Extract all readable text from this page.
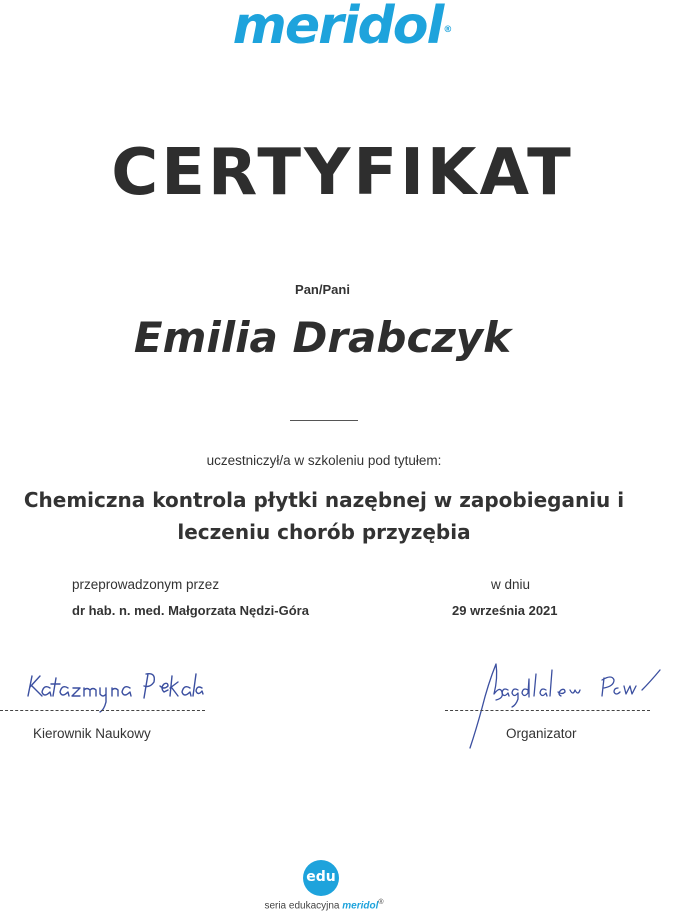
meridol ®
CERTYFIKAT
Pan/Pani
Emilia Drabczyk
uczestniczył/a w szkoleniu pod tytułem:
Chemiczna kontrola płytki nazębnej w zapobieganiu i
leczeniu chorób przyzębia
przeprowadzonym przez
dr hab. n. med. Małgorzata Nędzi-Góra
w dniu
29 września 2021
Kierownik Naukowy	Organizator
edu
seria edukacyjna meridol®
